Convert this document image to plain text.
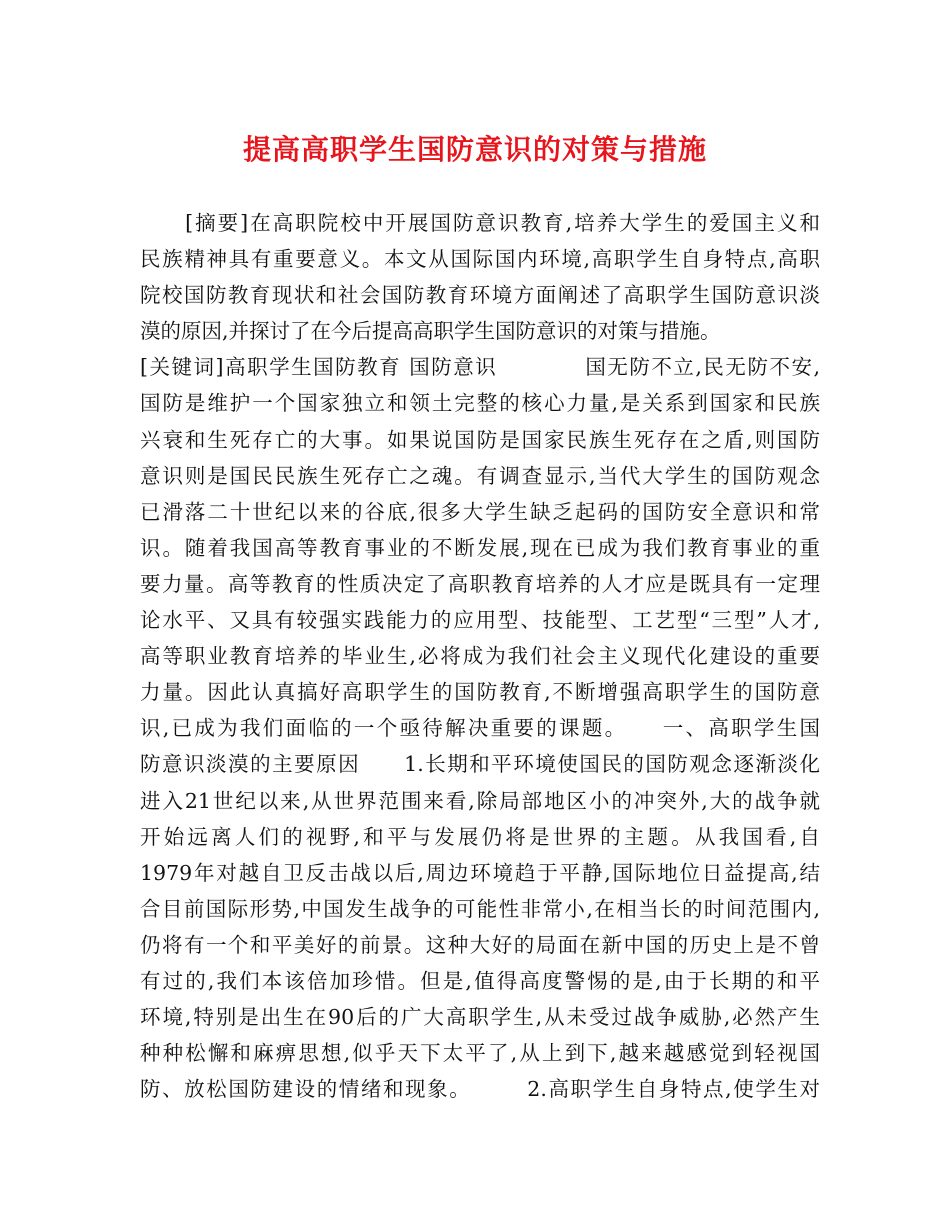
提高高职学生国防意识的对策与措施
　　[摘要]在高职院校中开展国防意识教育,培养大学生的爱国主义和
民族精神具有重要意义。本文从国际国内环境,高职学生自身特点,高职
院校国防教育现状和社会国防教育环境方面阐述了高职学生国防意识淡
漠的原因,并探讨了在今后提高高职学生国防意识的对策与措施。
[关键词]高职学生国防教育 国防意识　　　　国无防不立,民无防不安,
国防是维护一个国家独立和领土完整的核心力量,是关系到国家和民族
兴衰和生死存亡的大事。如果说国防是国家民族生死存在之盾,则国防
意识则是国民民族生死存亡之魂。有调查显示,当代大学生的国防观念
已滑落二十世纪以来的谷底,很多大学生缺乏起码的国防安全意识和常
识。随着我国高等教育事业的不断发展,现在已成为我们教育事业的重
要力量。高等教育的性质决定了高职教育培养的人才应是既具有一定理
论水平、又具有较强实践能力的应用型、技能型、工艺型“三型”人才,
高等职业教育培养的毕业生,必将成为我们社会主义现代化建设的重要
力量。因此认真搞好高职学生的国防教育,不断增强高职学生的国防意
识,已成为我们面临的一个亟待解决重要的课题。　　一、高职学生国
防意识淡漠的主要原因　　1.长期和平环境使国民的国防观念逐渐淡化
进入21世纪以来,从世界范围来看,除局部地区小的冲突外,大的战争就
开始远离人们的视野,和平与发展仍将是世界的主题。从我国看,自
1979年对越自卫反击战以后,周边环境趋于平静,国际地位日益提高,结
合目前国际形势,中国发生战争的可能性非常小,在相当长的时间范围内,
仍将有一个和平美好的前景。这种大好的局面在新中国的历史上是不曾
有过的,我们本该倍加珍惜。但是,值得高度警惕的是,由于长期的和平
环境,特别是出生在90后的广大高职学生,从未受过战争威胁,必然产生
种种松懈和麻痹思想,似乎天下太平了,从上到下,越来越感觉到轻视国
防、放松国防建设的情绪和现象。　　　2.高职学生自身特点,使学生对
